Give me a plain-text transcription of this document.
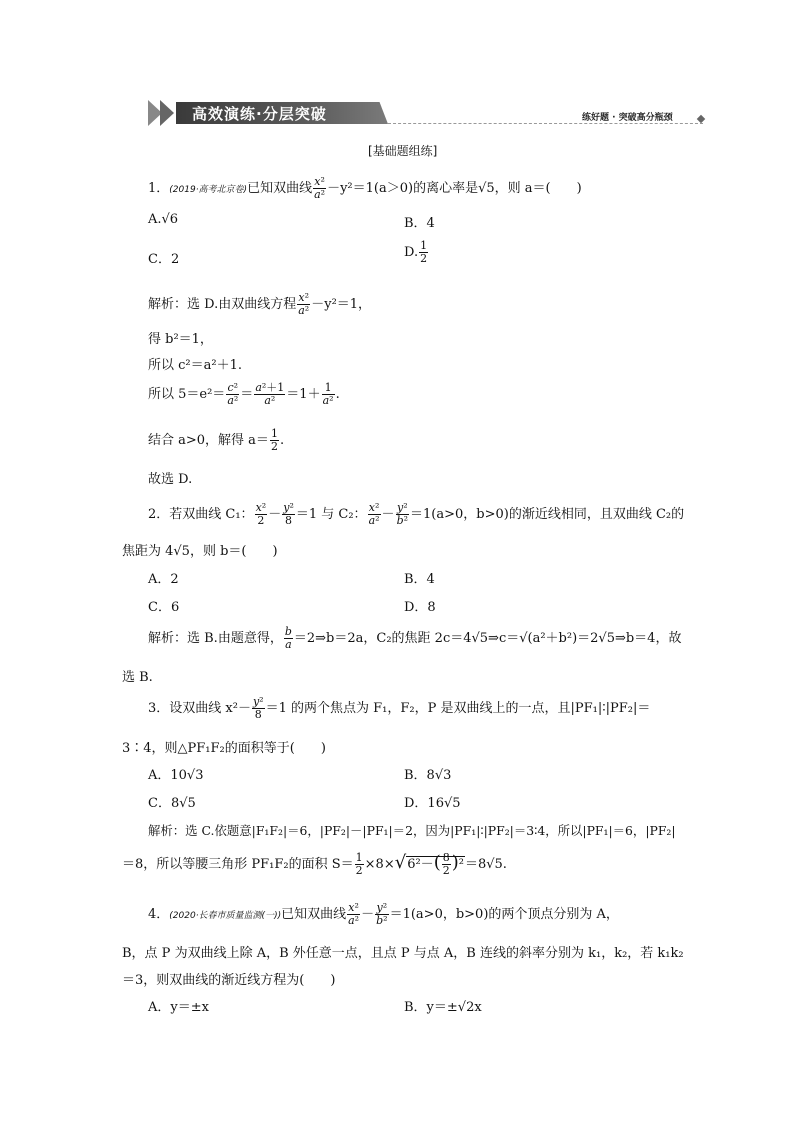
高效演练·分层突破	练好题 · 突破高分瓶颈
[基础题组练]
1．(2019·高考北京卷)已知双曲线 $\frac{\text{x²}}{\text{a²}} -y^2=1(a>0)$的离心率是√5，则 a＝(　　)
A.√6	B．4
C．2	D. $\frac{1}{2}$
解析：选 D.由双曲线方程 $\frac{\text{x²}}{\text{a²}} -y^2=1$，
得 b²＝1，
所以 c²＝a²＋1.
所以 $5=e^2= \frac{\text{c²}}{\text{a²}} = \frac{\text{a²＋1}}{\text{a²}} =1+ \frac{1}{\text{a²}}$ .
结合 a>0，解得 $a= \frac{1}{2}$ .
故选 D.
2．若双曲线 C₁： $\frac{\text{x²}}{2} - \frac{\text{y²}}{8} =1$ 与 C₂： $\frac{\text{x²}}{\text{a²}} - \frac{\text{y²}}{\text{b²}} =1(a>0$，b>0)的渐近线相同，且双曲线 C₂的
焦距为 4√5，则 b＝(　　)
A．2	B．4
C．6	D．8
解析：选 B.由题意得， $\frac{b}{a}$ ＝2⇒b＝2a，C₂的焦距 2c＝4√5⇒c＝√(a²＋b²)＝2√5⇒b＝4，故
选 B.
3．设双曲线 $x^2- \frac{\text{y²}}{8} =1$ 的两个焦点为 F₁，F₂，P 是双曲线上的一点，且|PF₁|∶|PF₂|＝
3∶4，则△PF₁F₂的面积等于(　　)
A．10√3	B．8√3
C．8√5	D．16√5
解析：选 C.依题意|F₁F₂|＝6，|PF₂|－|PF₁|＝2，因为|PF₁|∶|PF₂|＝3∶4，所以|PF₁|＝6，|PF₂|
＝8，所以等腰三角形 PF₁F₂的面积 $S= \frac{1}{2} \times 8\times√6^2-( \frac{8}{2} )^2=8√5$.
4．(2020·长春市质量监测(一))已知双曲线 $\frac{\text{x²}}{\text{a²}} - \frac{\text{y²}}{\text{b²}} =1(a>0$，b>0)的两个顶点分别为 A，
B，点 P 为双曲线上除 A，B 外任意一点，且点 P 与点 A，B 连线的斜率分别为 k₁，k₂，若 k₁k₂
＝3，则双曲线的渐近线方程为(　　)
A．y＝±x	B．y＝±√2x
